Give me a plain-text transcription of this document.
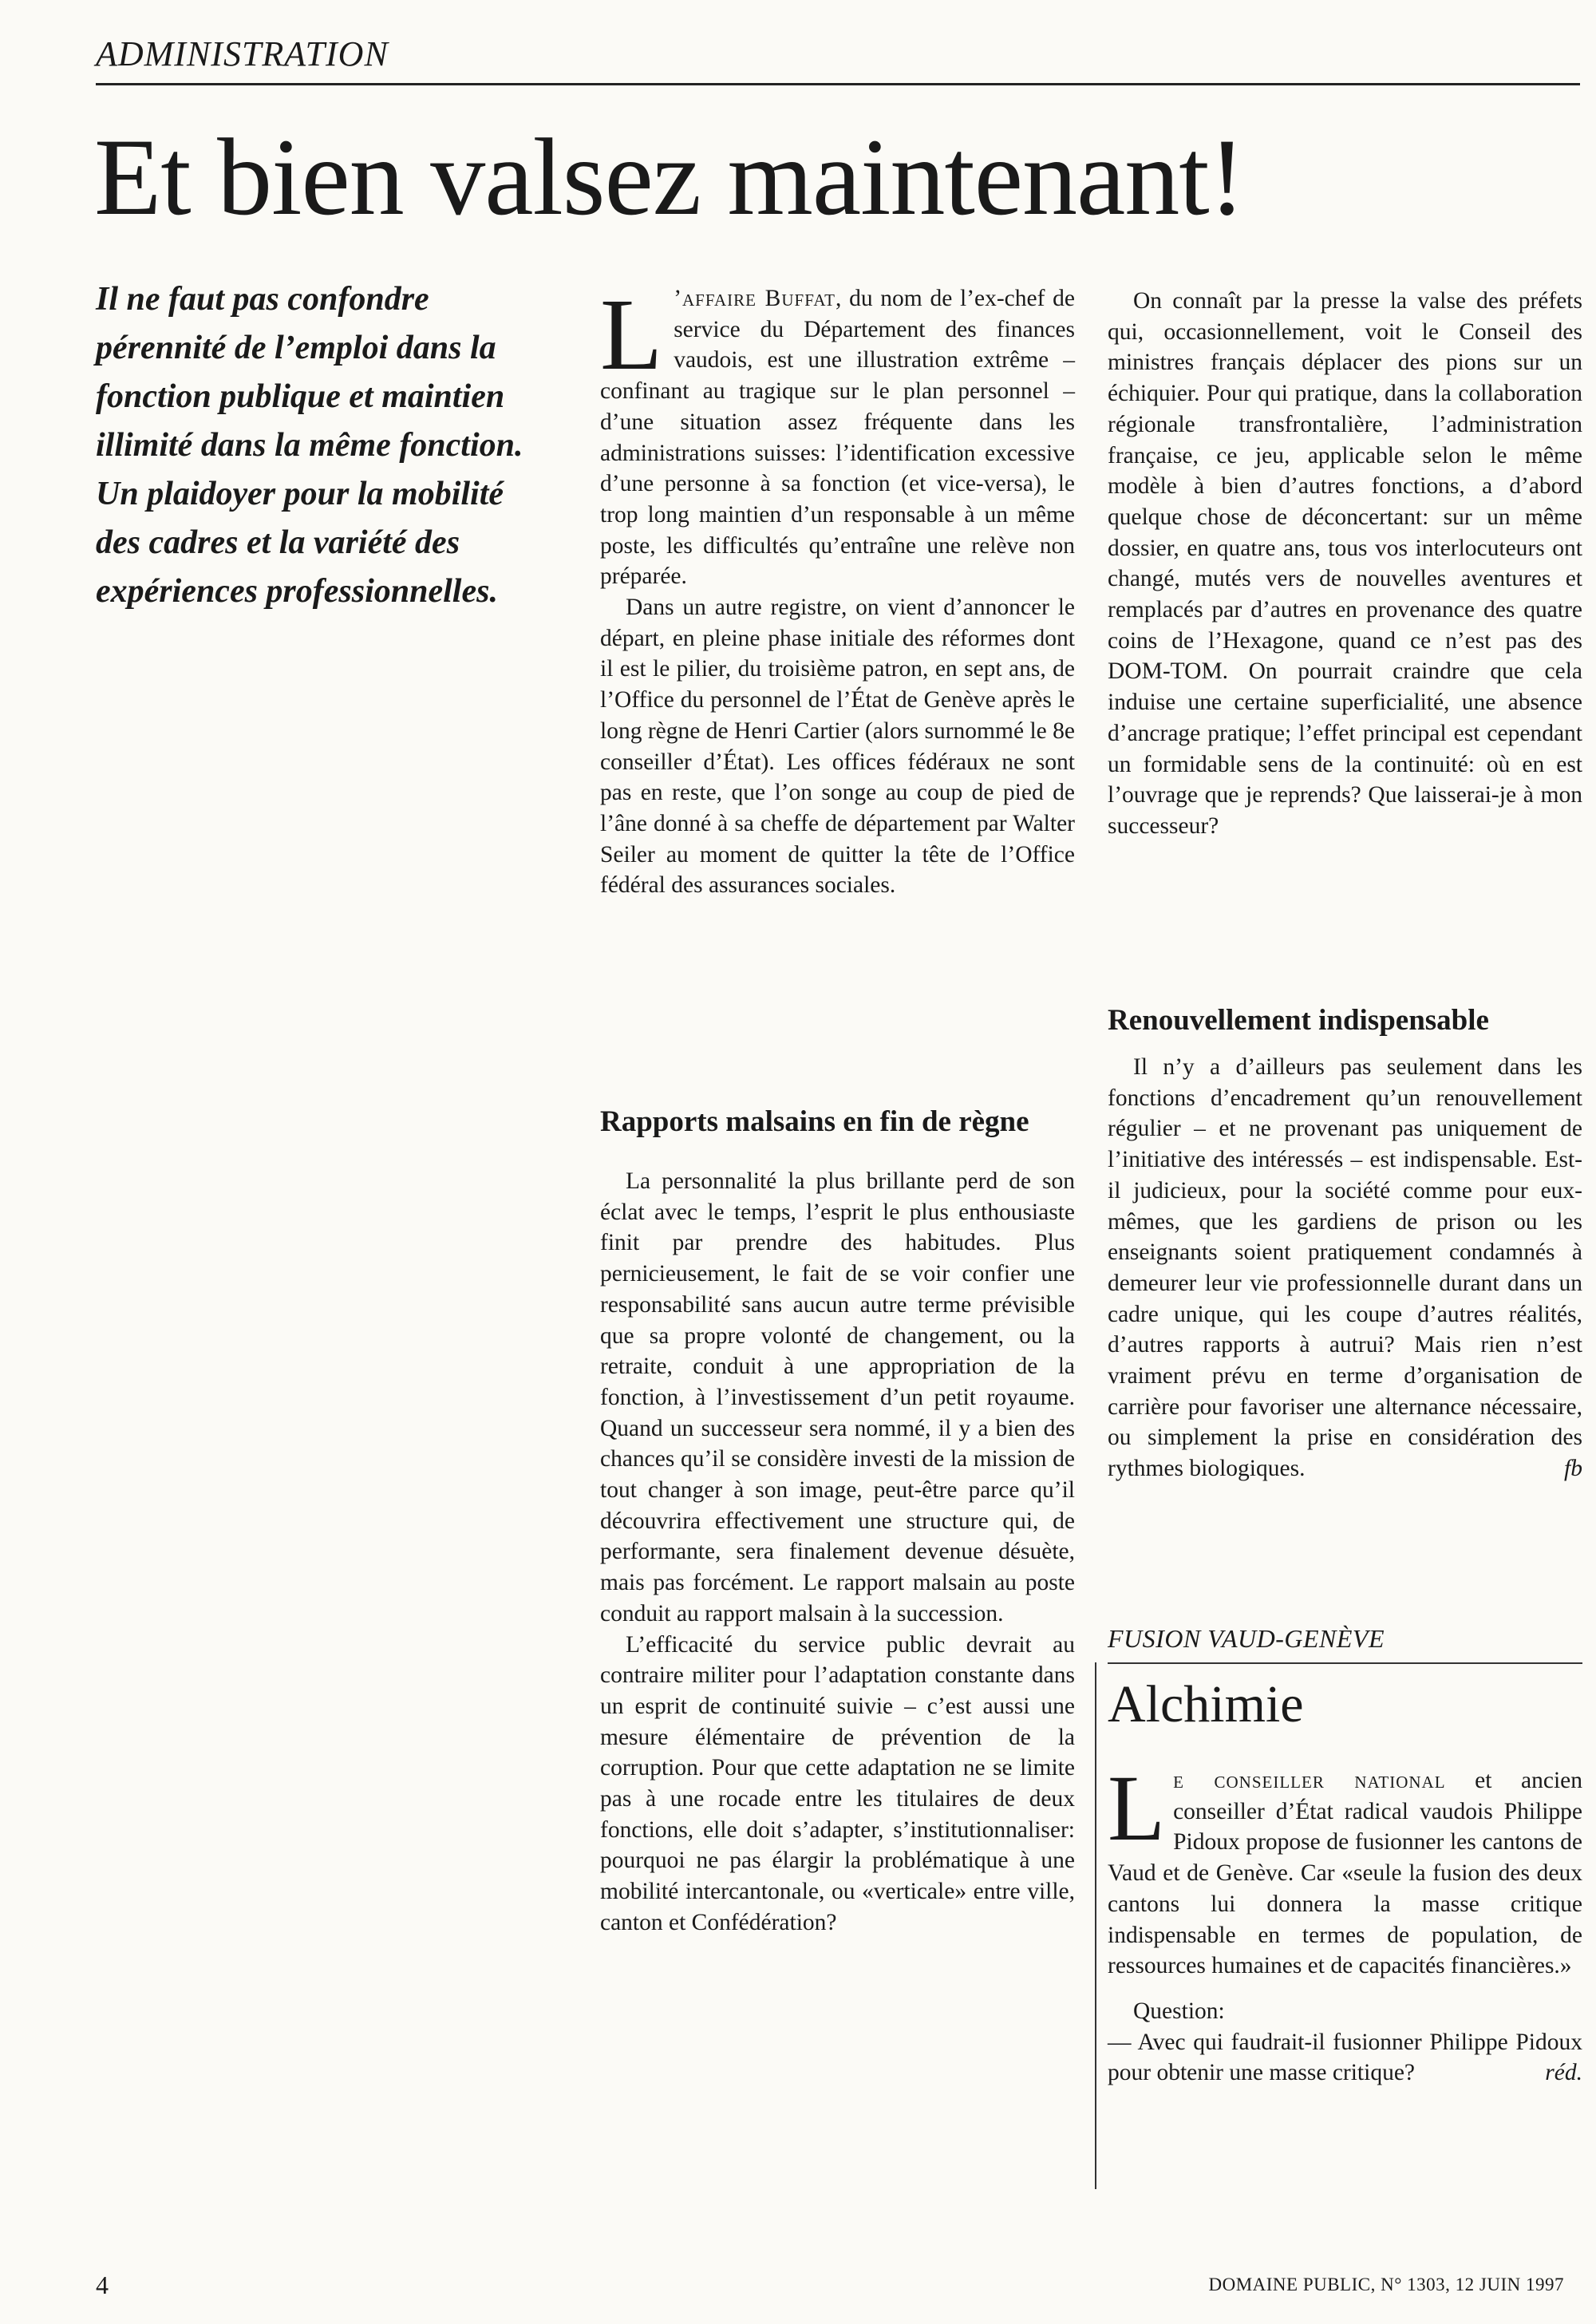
ADMINISTRATION
Et bien valsez maintenant!

Il ne faut pas confondre pérennité de l’emploi dans la fonction publique et maintien illimité dans la même fonction.

Un plaidoyer pour la mobilité des cadres et la variété des expériences professionnelles.

L ’affaire Buffat, du nom de l’ex-chef de service du Département des finances vaudois, est une illustration extrême – confinant au tragique sur le plan personnel – d’une situation assez fréquente dans les administrations suisses: l’identification excessive d’une personne à sa fonction (et vice-versa), le trop long maintien d’un responsable à un même poste, les difficultés qu’entraîne une relève non préparée.

Dans un autre registre, on vient d’annoncer le départ, en pleine phase initiale des réformes dont il est le pilier, du troisième patron, en sept ans, de l’Office du personnel de l’État de Genève après le long règne de Henri Cartier (alors surnommé le 8e conseiller d’État). Les offices fédéraux ne sont pas en reste, que l’on songe au coup de pied de l’âne donné à sa cheffe de département par Walter Seiler au moment de quitter la tête de l’Office fédéral des assurances sociales.

Rapports malsains en fin de règne

La personnalité la plus brillante perd de son éclat avec le temps, l’esprit le plus enthousiaste finit par prendre des habitudes. Plus pernicieusement, le fait de se voir confier une responsabilité sans aucun autre terme prévisible que sa propre volonté de changement, ou la retraite, conduit à une appropriation de la fonction, à l’investissement d’un petit royaume. Quand un successeur sera nommé, il y a bien des chances qu’il se considère investi de la mission de tout changer à son image, peut-être parce qu’il découvrira effectivement une structure qui, de performante, sera finalement devenue désuète, mais pas forcément. Le rapport malsain au poste conduit au rapport malsain à la succession.

L’efficacité du service public devrait au contraire militer pour l’adaptation constante dans un esprit de continuité suivie – c’est aussi une mesure élémentaire de prévention de la corruption. Pour que cette adaptation ne se limite pas à une rocade entre les titulaires de deux fonctions, elle doit s’adapter, s’institutionnaliser: pourquoi ne pas élargir la problématique à une mobilité intercantonale, ou «verticale» entre ville, canton et Confédération?

On connaît par la presse la valse des préfets qui, occasionnellement, voit le Conseil des ministres français déplacer des pions sur un échiquier. Pour qui pratique, dans la collaboration régionale transfrontalière, l’administration française, ce jeu, applicable selon le même modèle à bien d’autres fonctions, a d’abord quelque chose de déconcertant: sur un même dossier, en quatre ans, tous vos interlocuteurs ont changé, mutés vers de nouvelles aventures et remplacés par d’autres en provenance des quatre coins de l’Hexagone, quand ce n’est pas des DOM-TOM. On pourrait craindre que cela induise une certaine superficialité, une absence d’ancrage pratique; l’effet principal est cependant un formidable sens de la continuité: où en est l’ouvrage que je reprends? Que laisserai-je à mon successeur?

Renouvellement indispensable

Il n’y a d’ailleurs pas seulement dans les fonctions d’encadrement qu’un renouvellement régulier – et ne provenant pas uniquement de l’initiative des intéressés – est indispensable. Est-il judicieux, pour la société comme pour eux-mêmes, que les gardiens de prison ou les enseignants soient pratiquement condamnés à demeurer leur vie professionnelle durant dans un cadre unique, qui les coupe d’autres réalités, d’autres rapports à autrui? Mais rien n’est vraiment prévu en terme d’organisation de carrière pour favoriser une alternance nécessaire, ou simplement la prise en considération des rythmes biologiques.	fb

FUSION VAUD-GENÈVE
Alchimie

Le conseiller national et ancien conseiller d’État radical vaudois Philippe Pidoux propose de fusionner les cantons de Vaud et de Genève. Car «seule la fusion des deux cantons lui donnera la masse critique indispensable en termes de population, de ressources humaines et de capacités financières.»

Question:

— Avec qui faudrait-il fusionner Philippe Pidoux pour obtenir une masse critique?	réd.

4	DOMAINE PUBLIC, N° 1303, 12 JUIN 1997
